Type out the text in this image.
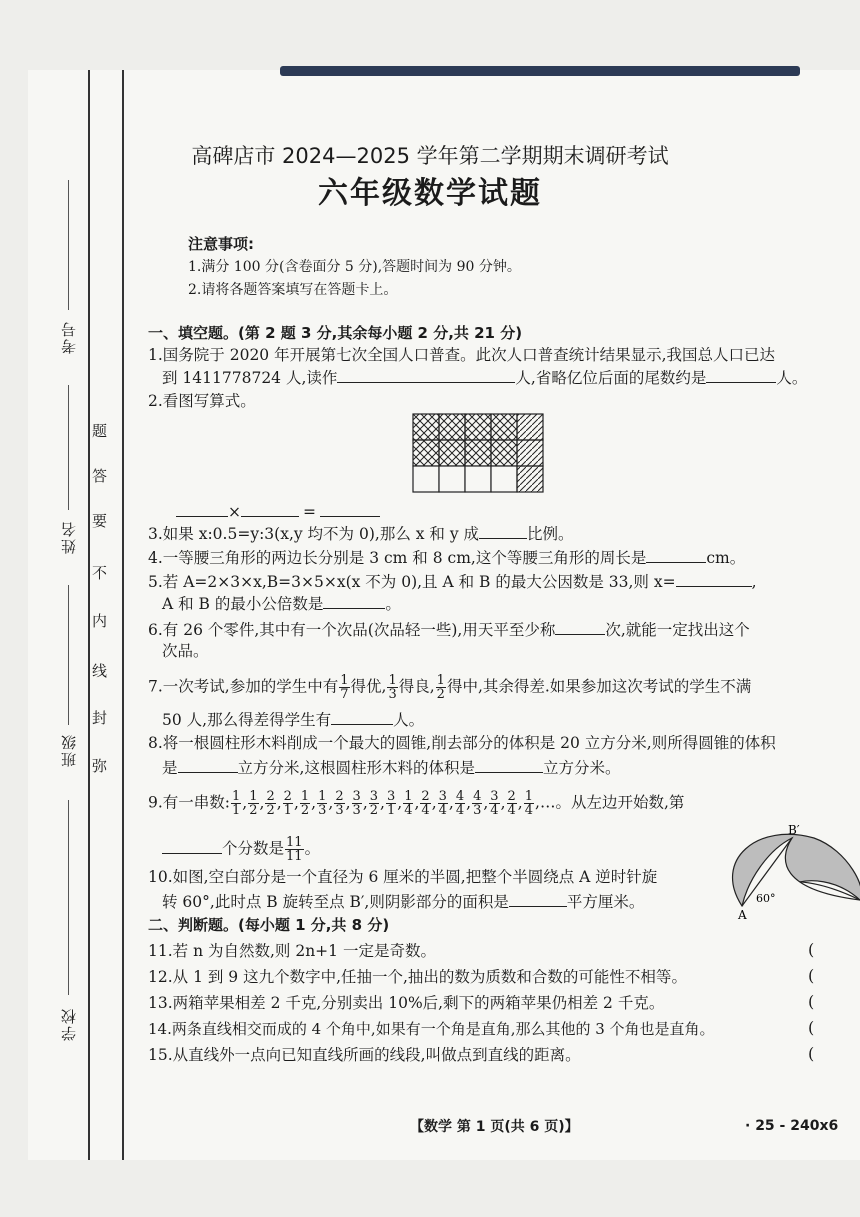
考号
姓名
班级
学校
题
答
要
不
内
线
封
弥
高碑店市 2024—2025 学年第二学期期末调研考试
六年级数学试题
注意事项:
1.满分 100 分(含卷面分 5 分),答题时间为 90 分钟。
2.请将各题答案填写在答题卡上。
一、填空题。(第 2 题 3 分,其余每小题 2 分,共 21 分)
1.国务院于 2020 年开展第七次全国人口普查。此次人口普查统计结果显示,我国总人口已达
到 1411778724 人,读作	人,省略亿位后面的尾数约是	人。
2.看图写算式。
×	=
3.如果 x:0.5=y:3(x,y 均不为 0),那么 x 和 y 成	比例。
4.一等腰三角形的两边长分别是 3 cm 和 8 cm,这个等腰三角形的周长是	cm。
5.若 A=2×3×x,B=3×5×x(x 不为 0),且 A 和 B 的最大公因数是 33,则 x=	,
A 和 B 的最小公倍数是	。
6.有 26 个零件,其中有一个次品(次品轻一些),用天平至少称	次,就能一定找出这个
次品。
7.一次考试,参加的学生中有 $\frac{1}{7}$ 得优, $\frac{1}{3}$ 得良, $\frac{1}{2}$ 得中,其余得差.如果参加这次考试的学生不满
50 人,那么得差得学生有	人。
8.将一根圆柱形木料削成一个最大的圆锥,削去部分的体积是 20 立方分米,则所得圆锥的体积
是	立方分米,这根圆柱形木料的体积是	立方分米。
9.有一串数: $\frac{1}{1}$ , $\frac{1}{2}$ , $\frac{2}{2}$ , $\frac{2}{1}$ , $\frac{1}{2}$ , $\frac{1}{3}$ , $\frac{2}{3}$ , $\frac{3}{3}$ , $\frac{3}{2}$ , $\frac{3}{1}$ , $\frac{1}{4}$ , $\frac{2}{4}$ , $\frac{3}{4}$ , $\frac{4}{4}$ , $\frac{4}{3}$ , $\frac{3}{4}$ , $\frac{2}{4}$ , $\frac{1}{4}$ ,…。从左边开始数,第
个分数是 $\frac{11}{11}$ 。
10.如图,空白部分是一个直径为 6 厘米的半圆,把整个半圆绕点 A 逆时针旋
转 60°,此时点 B 旋转至点 B′,则阴影部分的面积是	平方厘米。
B′
A
60°
二、判断题。(每小题 1 分,共 8 分)
11.若 n 为自然数,则 2n+1 一定是奇数。	(
12.从 1 到 9 这九个数字中,任抽一个,抽出的数为质数和合数的可能性不相等。	(
13.两箱苹果相差 2 千克,分别卖出 10%后,剩下的两箱苹果仍相差 2 千克。	(
14.两条直线相交而成的 4 个角中,如果有一个角是直角,那么其他的 3 个角也是直角。	(
15.从直线外一点向已知直线所画的线段,叫做点到直线的距离。	(
【数学 第 1 页(共 6 页)】	· 25 - 240x6
